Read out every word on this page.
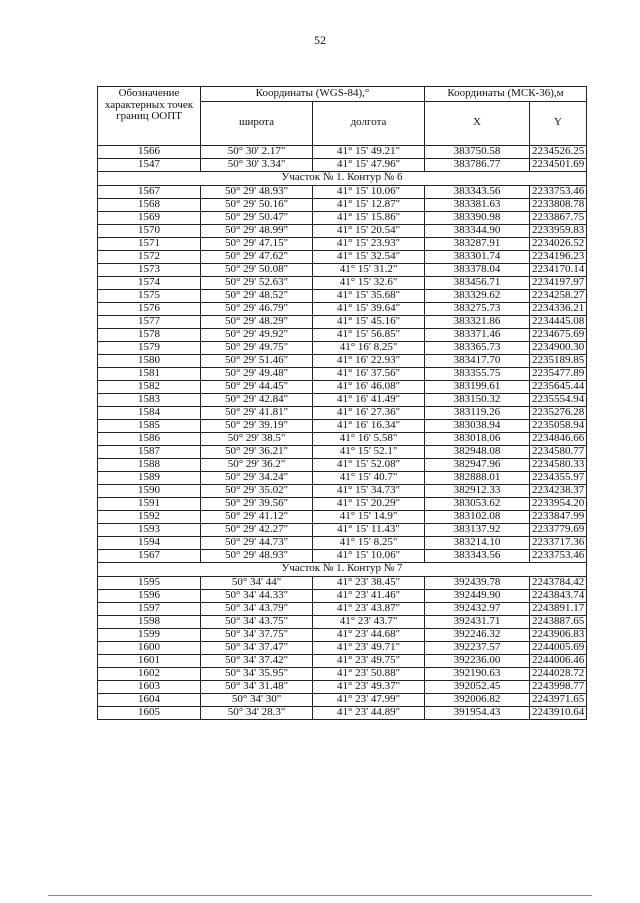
52
Обозначение характерных точек границ ООПТ	Координаты (WGS-84),°		Координаты (МСК-36),м	
	широта	долгота	X	Y
1566	50° 30' 2.17"	41° 15' 49.21"	383750.58	2234526.25
1547	50° 30' 3.34"	41° 15' 47.96"	383786.77	2234501.69
Участок № 1. Контур № 6				
1567	50° 29' 48.93"	41° 15' 10.06"	383343.56	2233753.46
1568	50° 29' 50.16"	41° 15' 12.87"	383381.63	2233808.78
1569	50° 29' 50.47"	41° 15' 15.86"	383390.98	2233867.75
1570	50° 29' 48.99"	41° 15' 20.54"	383344.90	2233959.83
1571	50° 29' 47.15"	41° 15' 23.93"	383287.91	2234026.52
1572	50° 29' 47.62"	41° 15' 32.54"	383301.74	2234196.23
1573	50° 29' 50.08"	41° 15' 31.2"	383378.04	2234170.14
1574	50° 29' 52.63"	41° 15' 32.6"	383456.71	2234197.97
1575	50° 29' 48.52"	41° 15' 35.68"	383329.62	2234258.27
1576	50° 29' 46.79"	41° 15' 39.64"	383275.73	2234336.21
1577	50° 29' 48.29"	41° 15' 45.16"	383321.86	2234445.08
1578	50° 29' 49.92"	41° 15' 56.85"	383371.46	2234675.69
1579	50° 29' 49.75"	41° 16' 8.25"	383365.73	2234900.30
1580	50° 29' 51.46"	41° 16' 22.93"	383417.70	2235189.85
1581	50° 29' 49.48"	41° 16' 37.56"	383355.75	2235477.89
1582	50° 29' 44.45"	41° 16' 46.08"	383199.61	2235645.44
1583	50° 29' 42.84"	41° 16' 41.49"	383150.32	2235554.94
1584	50° 29' 41.81"	41° 16' 27.36"	383119.26	2235276.28
1585	50° 29' 39.19"	41° 16' 16.34"	383038.94	2235058.94
1586	50° 29' 38.5"	41° 16' 5.58"	383018.06	2234846.66
1587	50° 29' 36.21"	41° 15' 52.1"	382948.08	2234580.77
1588	50° 29' 36.2"	41° 15' 52.08"	382947.96	2234580.33
1589	50° 29' 34.24"	41° 15' 40.7"	382888.01	2234355.97
1590	50° 29' 35.02"	41° 15' 34.73"	382912.33	2234238.37
1591	50° 29' 39.56"	41° 15' 20.29"	383053.62	2233954.20
1592	50° 29' 41.12"	41° 15' 14.9"	383102.08	2233847.99
1593	50° 29' 42.27"	41° 15' 11.43"	383137.92	2233779.69
1594	50° 29' 44.73"	41° 15' 8.25"	383214.10	2233717.36
1567	50° 29' 48.93"	41° 15' 10.06"	383343.56	2233753.46
Участок № 1. Контур № 7				
1595	50° 34' 44"	41° 23' 38.45"	392439.78	2243784.42
1596	50° 34' 44.33"	41° 23' 41.46"	392449.90	2243843.74
1597	50° 34' 43.79"	41° 23' 43.87"	392432.97	2243891.17
1598	50° 34' 43.75"	41° 23' 43.7"	392431.71	2243887.65
1599	50° 34' 37.75"	41° 23' 44.68"	392246.32	2243906.83
1600	50° 34' 37.47"	41° 23' 49.71"	392237.57	2244005.69
1601	50° 34' 37.42"	41° 23' 49.75"	392236.00	2244006.46
1602	50° 34' 35.95"	41° 23' 50.88"	392190.63	2244028.72
1603	50° 34' 31.48"	41° 23' 49.37"	392052.45	2243998.77
1604	50° 34' 30"	41° 23' 47.99"	392006.82	2243971.65
1605	50° 34' 28.3"	41° 23' 44.89"	391954.43	2243910.64
